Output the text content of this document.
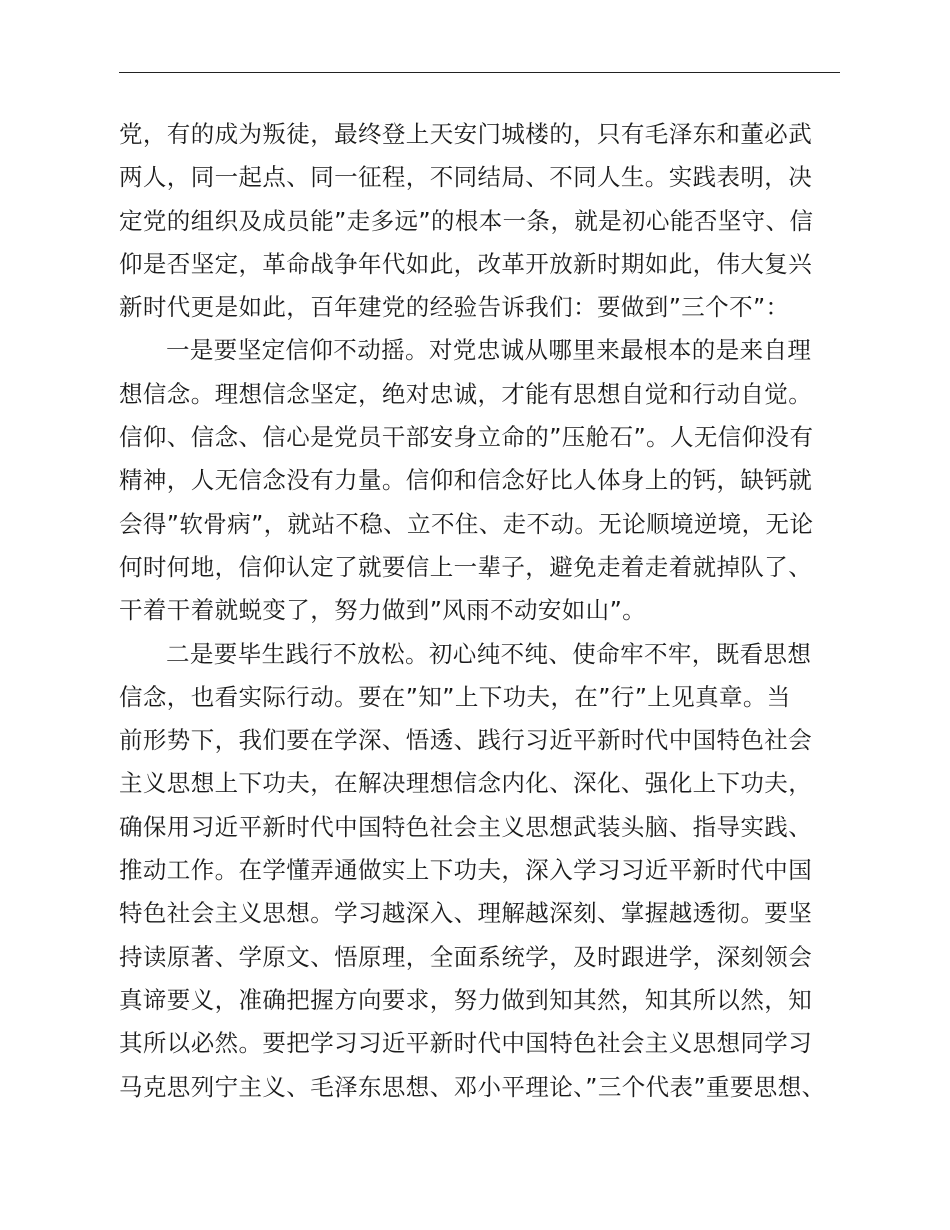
党，有的成为叛徒，最终登上天安门城楼的，只有毛泽东和董必武
两人，同一起点、同一征程，不同结局、不同人生。实践表明，决
定党的组织及成员能”走多远”的根本一条，就是初心能否坚守、信
仰是否坚定，革命战争年代如此，改革开放新时期如此，伟大复兴
新时代更是如此，百年建党的经验告诉我们：要做到”三个不”：
一是要坚定信仰不动摇。对党忠诚从哪里来最根本的是来自理
想信念。理想信念坚定，绝对忠诚，才能有思想自觉和行动自觉。
信仰、信念、信心是党员干部安身立命的”压舱石”。人无信仰没有
精神，人无信念没有力量。信仰和信念好比人体身上的钙，缺钙就
会得”软骨病”，就站不稳、立不住、走不动。无论顺境逆境，无论
何时何地，信仰认定了就要信上一辈子，避免走着走着就掉队了、
干着干着就蜕变了，努力做到”风雨不动安如山”。
二是要毕生践行不放松。初心纯不纯、使命牢不牢，既看思想
信念，也看实际行动。要在”知”上下功夫，在”行”上见真章。当
前形势下，我们要在学深、悟透、践行习近平新时代中国特色社会
主义思想上下功夫，在解决理想信念内化、深化、强化上下功夫，
确保用习近平新时代中国特色社会主义思想武装头脑、指导实践、
推动工作。在学懂弄通做实上下功夫，深入学习习近平新时代中国
特色社会主义思想。学习越深入、理解越深刻、掌握越透彻。要坚
持读原著、学原文、悟原理，全面系统学，及时跟进学，深刻领会
真谛要义，准确把握方向要求，努力做到知其然，知其所以然，知
其所以必然。要把学习习近平新时代中国特色社会主义思想同学习
马克思列宁主义、毛泽东思想、邓小平理论、”三个代表”重要思想、
